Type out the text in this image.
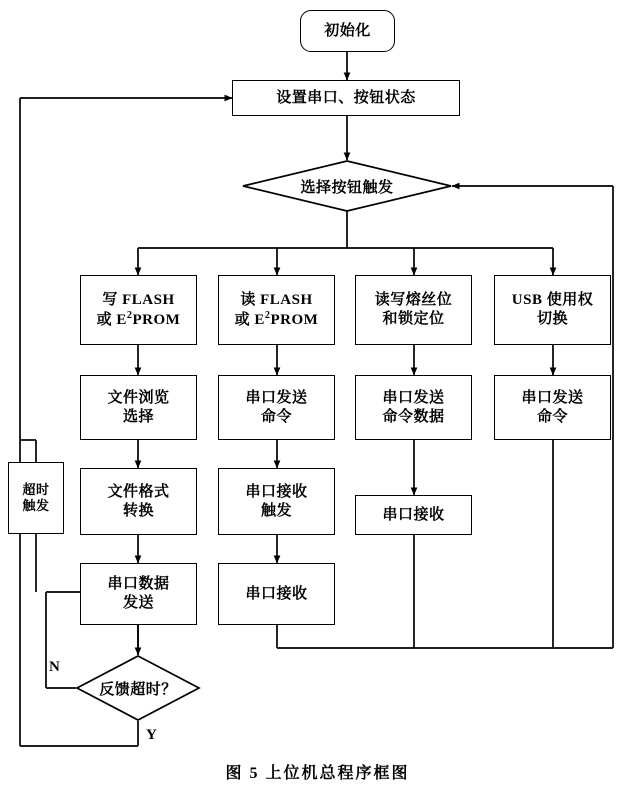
初始化
设置串口、按钮状态
选择按钮触发
写 FLASH
或 $E^2PROM$
文件浏览
选择
文件格式
转换
串口数据
发送
读 FLASH
或 $E^2PROM$
串口发送
命令
串口接收
触发
串口接收
读写熔丝位
和锁定位
串口发送
命令数据
串口接收
USB 使用权
切换
串口发送
命令
超时
触发
反馈超时？
N
Y
图 5 上位机总程序框图
